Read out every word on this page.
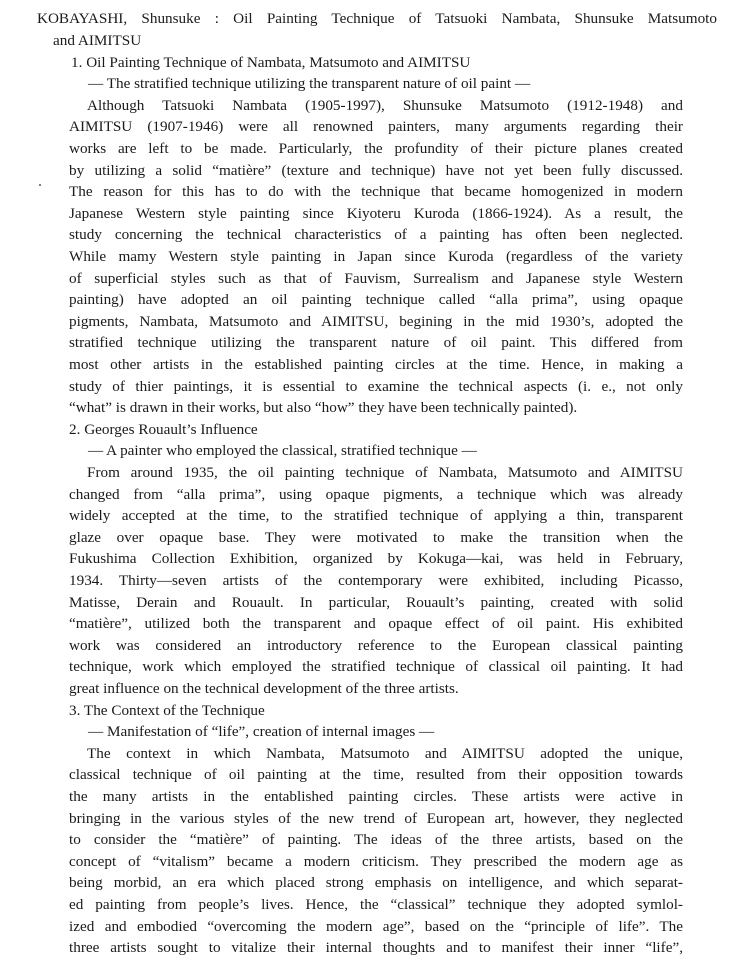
KOBAYASHI, Shunsuke : Oil Painting Technique of Tatsuoki Nambata, Shunsuke Matsumoto
and AIMITSU
1. Oil Painting Technique of Nambata, Matsumoto and AIMITSU
— The stratified technique utilizing the transparent nature of oil paint —
Although Tatsuoki Nambata (1905-1997), Shunsuke Matsumoto (1912-1948) and
AIMITSU (1907-1946) were all renowned painters, many arguments regarding their
works are left to be made. Particularly, the profundity of their picture planes created
by utilizing a solid “matière” (texture and technique) have not yet been fully discussed.
The reason for this has to do with the technique that became homogenized in modern
Japanese Western style painting since Kiyoteru Kuroda (1866-1924). As a result, the
study concerning the technical characteristics of a painting has often been neglected.
While mamy Western style painting in Japan since Kuroda (regardless of the variety
of superficial styles such as that of Fauvism, Surrealism and Japanese style Western
painting) have adopted an oil painting technique called “alla prima”, using opaque
pigments, Nambata, Matsumoto and AIMITSU, begining in the mid 1930’s, adopted the
stratified technique utilizing the transparent nature of oil paint. This differed from
most other artists in the established painting circles at the time. Hence, in making a
study of thier paintings, it is essential to examine the technical aspects (i. e., not only
“what” is drawn in their works, but also “how” they have been technically painted).
2. Georges Rouault’s Influence
— A painter who employed the classical, stratified technique —
From around 1935, the oil painting technique of Nambata, Matsumoto and AIMITSU
changed from “alla prima”, using opaque pigments, a technique which was already
widely accepted at the time, to the stratified technique of applying a thin, transparent
glaze over opaque base. They were motivated to make the transition when the
Fukushima Collection Exhibition, organized by Kokuga—kai, was held in February,
1934. Thirty—seven artists of the contemporary were exhibited, including Picasso,
Matisse, Derain and Rouault. In particular, Rouault’s painting, created with solid
“matière”, utilized both the transparent and opaque effect of oil paint. His exhibited
work was considered an introductory reference to the European classical painting
technique, work which employed the stratified technique of classical oil painting. It had
great influence on the technical development of the three artists.
3. The Context of the Technique
— Manifestation of “life”, creation of internal images —
The context in which Nambata, Matsumoto and AIMITSU adopted the unique,
classical technique of oil painting at the time, resulted from their opposition towards
the many artists in the entablished painting circles. These artists were active in
bringing in the various styles of the new trend of European art, however, they neglected
to consider the “matière” of painting. The ideas of the three artists, based on the
concept of “vitalism” became a modern criticism. They prescribed the modern age as
being morbid, an era which placed strong emphasis on intelligence, and which separat-
ed painting from people’s lives. Hence, the “classical” technique they adopted symlol-
ized and embodied “overcoming the modern age”, based on the “principle of life”. The
three artists sought to vitalize their internal thoughts and to manifest their inner “life”,
